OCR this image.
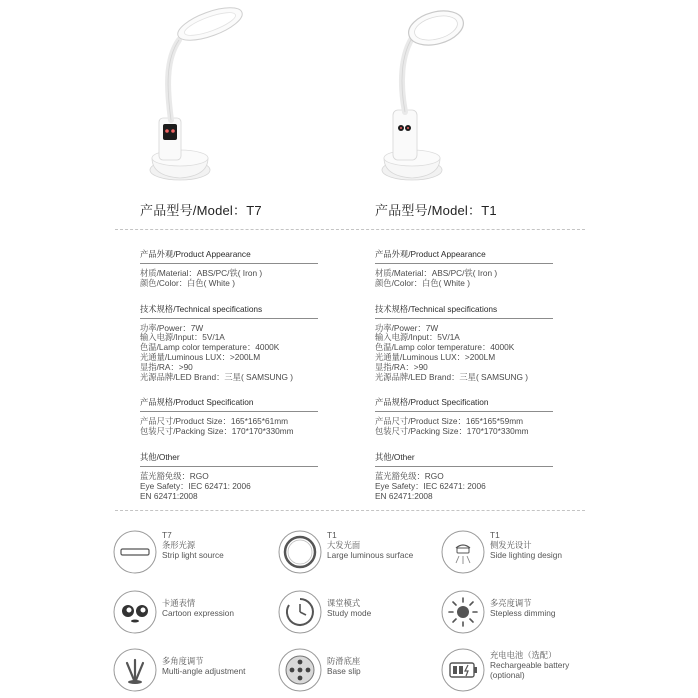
产品型号/Model：T7	产品型号/Model：T1
产品外观/Product Appearance
材质/Material：ABS/PC/铁( Iron )
颜色/Color：白色( White )
技术规格/Technical specifications
功率/Power：7W
输入电源/Input：5V/1A
色温/Lamp color temperature：4000K
光通量/Luminous LUX：>200LM
显指/RA：>90
光源品牌/LED Brand：三星( SAMSUNG )
产品规格/Product Specification
产品尺寸/Product Size：165*165*61mm
包装尺寸/Packing Size：170*170*330mm
其他/Other
蓝光豁免级：RGO
Eye Safety：IEC 62471: 2006
EN 62471:2008
产品外观/Product Appearance
材质/Material：ABS/PC/铁( Iron )
颜色/Color：白色( White )
技术规格/Technical specifications
功率/Power：7W
输入电源/Input：5V/1A
色温/Lamp color temperature：4000K
光通量/Luminous LUX：>200LM
显指/RA：>90
光源品牌/LED Brand：三星( SAMSUNG )
产品规格/Product Specification
产品尺寸/Product Size：165*165*59mm
包装尺寸/Packing Size：170*170*330mm
其他/Other
蓝光豁免级：RGO
Eye Safety：IEC 62471: 2006
EN 62471:2008
T7
条形光源
Strip light source
T1
大发光面
Large luminous surface
T1
侧发光设计
Side lighting design
卡通表情
Cartoon expression
课堂模式
Study mode
多亮度调节
Stepless dimming
多角度调节
Multi-angle adjustment
防滑底座
Base slip
充电电池（选配）
Rechargeable battery
(optional)
